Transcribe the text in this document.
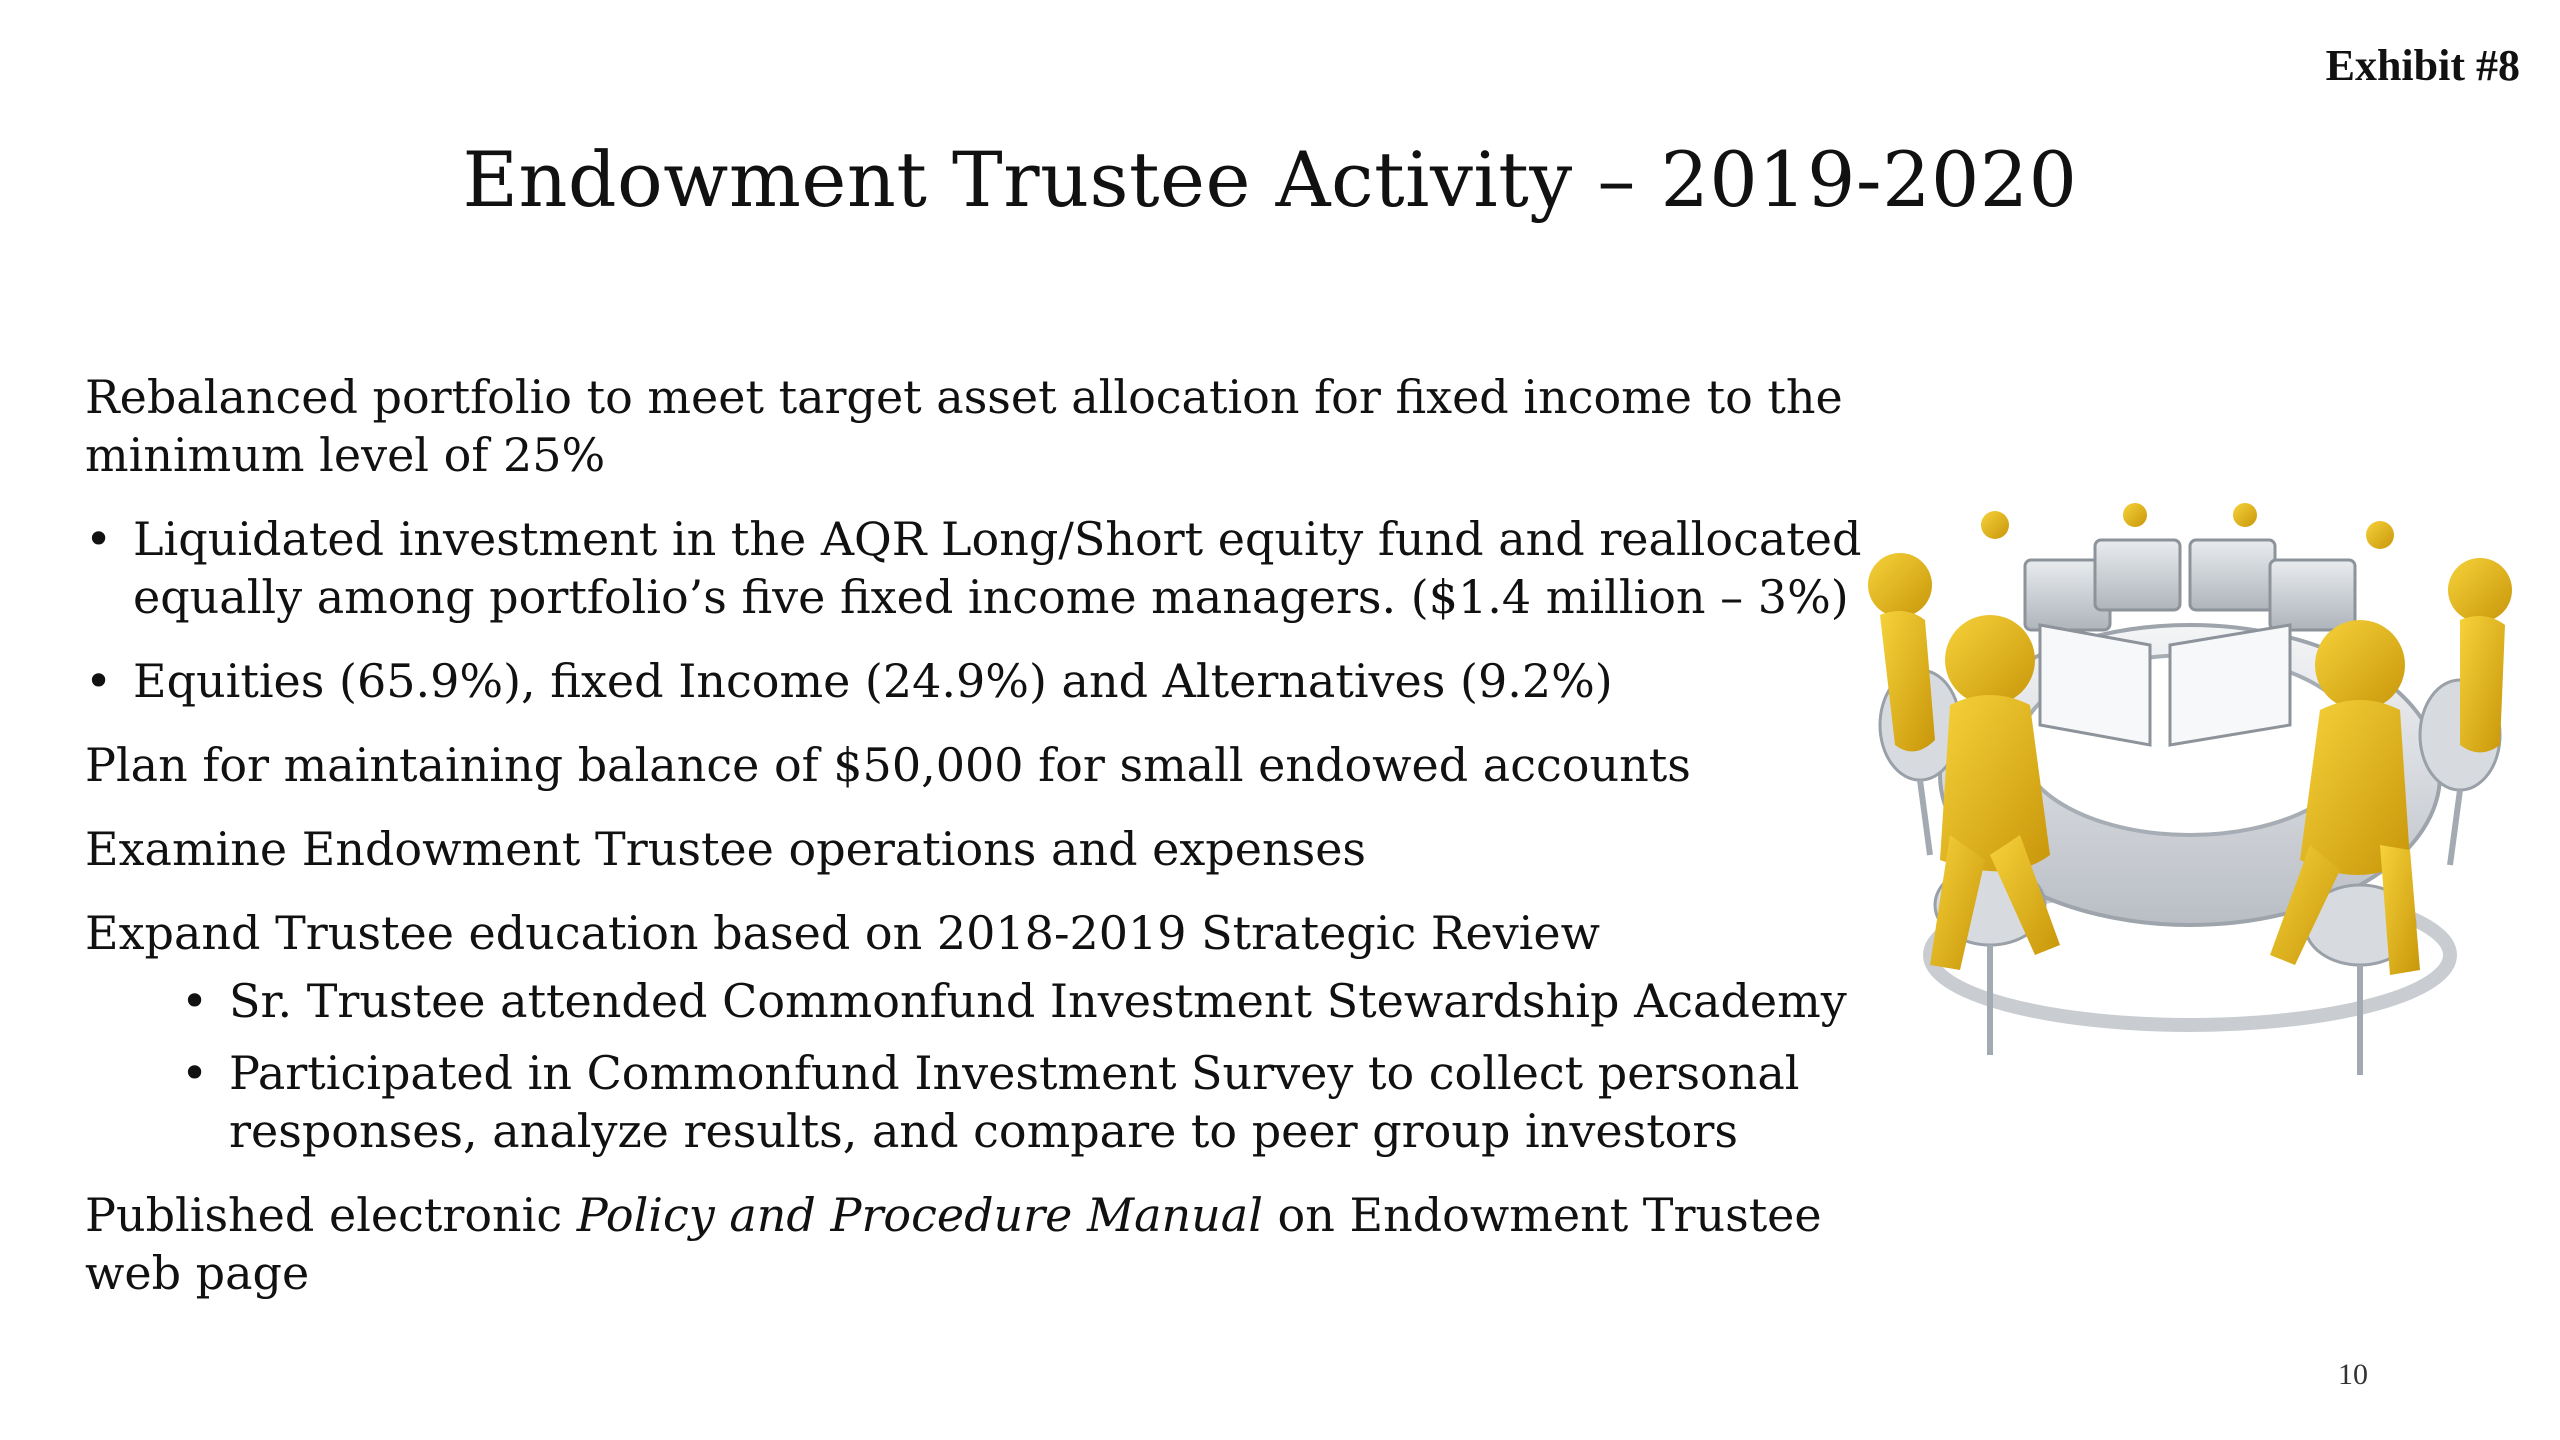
Exhibit #8
Endowment Trustee Activity – 2019-2020

Rebalanced portfolio to meet target asset allocation for fixed income to the minimum level of 25%

• Liquidated investment in the AQR Long/Short equity fund and reallocated equally among portfolio’s five fixed income managers. ($1.4 million – 3%)
• Equities (65.9%), fixed Income (24.9%) and Alternatives (9.2%)

Plan for maintaining balance of $50,000 for small endowed accounts

Examine Endowment Trustee operations and expenses

Expand Trustee education based on 2018-2019 Strategic Review

• Sr. Trustee attended Commonfund Investment Stewardship Academy
• Participated in Commonfund Investment Survey to collect personal responses, analyze results, and compare to peer group investors

Published electronic Policy and Procedure Manual on Endowment Trustee web page

10
